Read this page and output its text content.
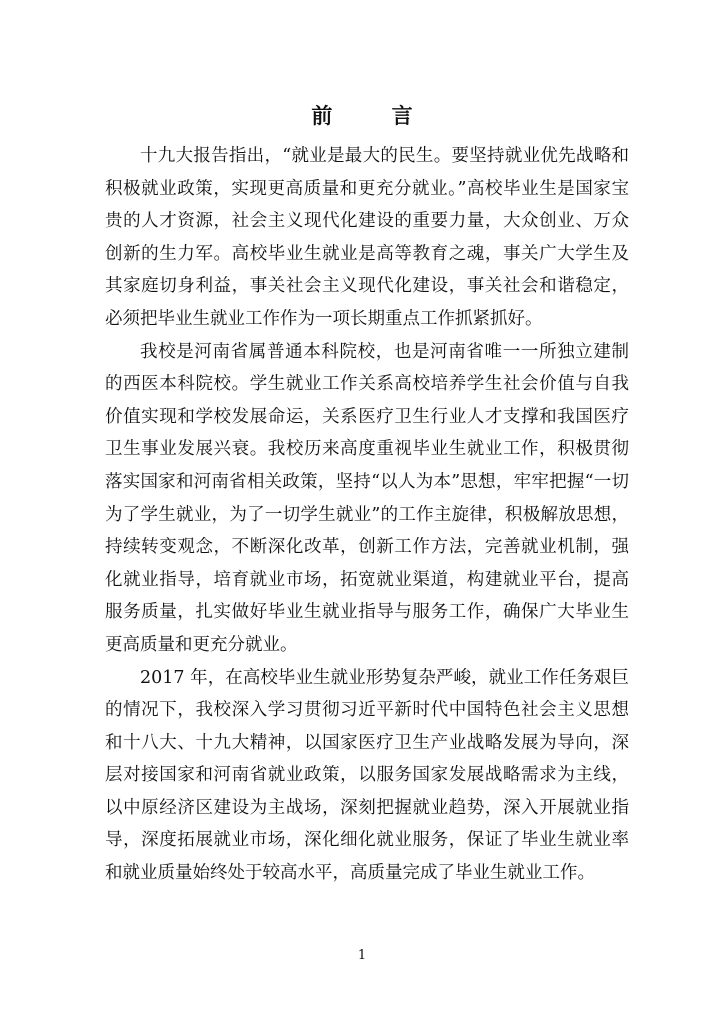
前 言

十九大报告指出，“就业是最大的民生。要坚持就业优先战略和积极就业政策，实现更高质量和更充分就业。”高校毕业生是国家宝贵的人才资源，社会主义现代化建设的重要力量，大众创业、万众创新的生力军。高校毕业生就业是高等教育之魂，事关广大学生及其家庭切身利益，事关社会主义现代化建设，事关社会和谐稳定，必须把毕业生就业工作作为一项长期重点工作抓紧抓好。

我校是河南省属普通本科院校，也是河南省唯一一所独立建制的西医本科院校。学生就业工作关系高校培养学生社会价值与自我价值实现和学校发展命运，关系医疗卫生行业人才支撑和我国医疗卫生事业发展兴衰。我校历来高度重视毕业生就业工作，积极贯彻落实国家和河南省相关政策，坚持“以人为本”思想，牢牢把握“一切为了学生就业，为了一切学生就业”的工作主旋律，积极解放思想，持续转变观念，不断深化改革，创新工作方法，完善就业机制，强化就业指导，培育就业市场，拓宽就业渠道，构建就业平台，提高服务质量，扎实做好毕业生就业指导与服务工作，确保广大毕业生更高质量和更充分就业。

2017 年，在高校毕业生就业形势复杂严峻，就业工作任务艰巨的情况下，我校深入学习贯彻习近平新时代中国特色社会主义思想和十八大、十九大精神，以国家医疗卫生产业战略发展为导向，深层对接国家和河南省就业政策，以服务国家发展战略需求为主线，以中原经济区建设为主战场，深刻把握就业趋势，深入开展就业指导，深度拓展就业市场，深化细化就业服务，保证了毕业生就业率和就业质量始终处于较高水平，高质量完成了毕业生就业工作。

1
